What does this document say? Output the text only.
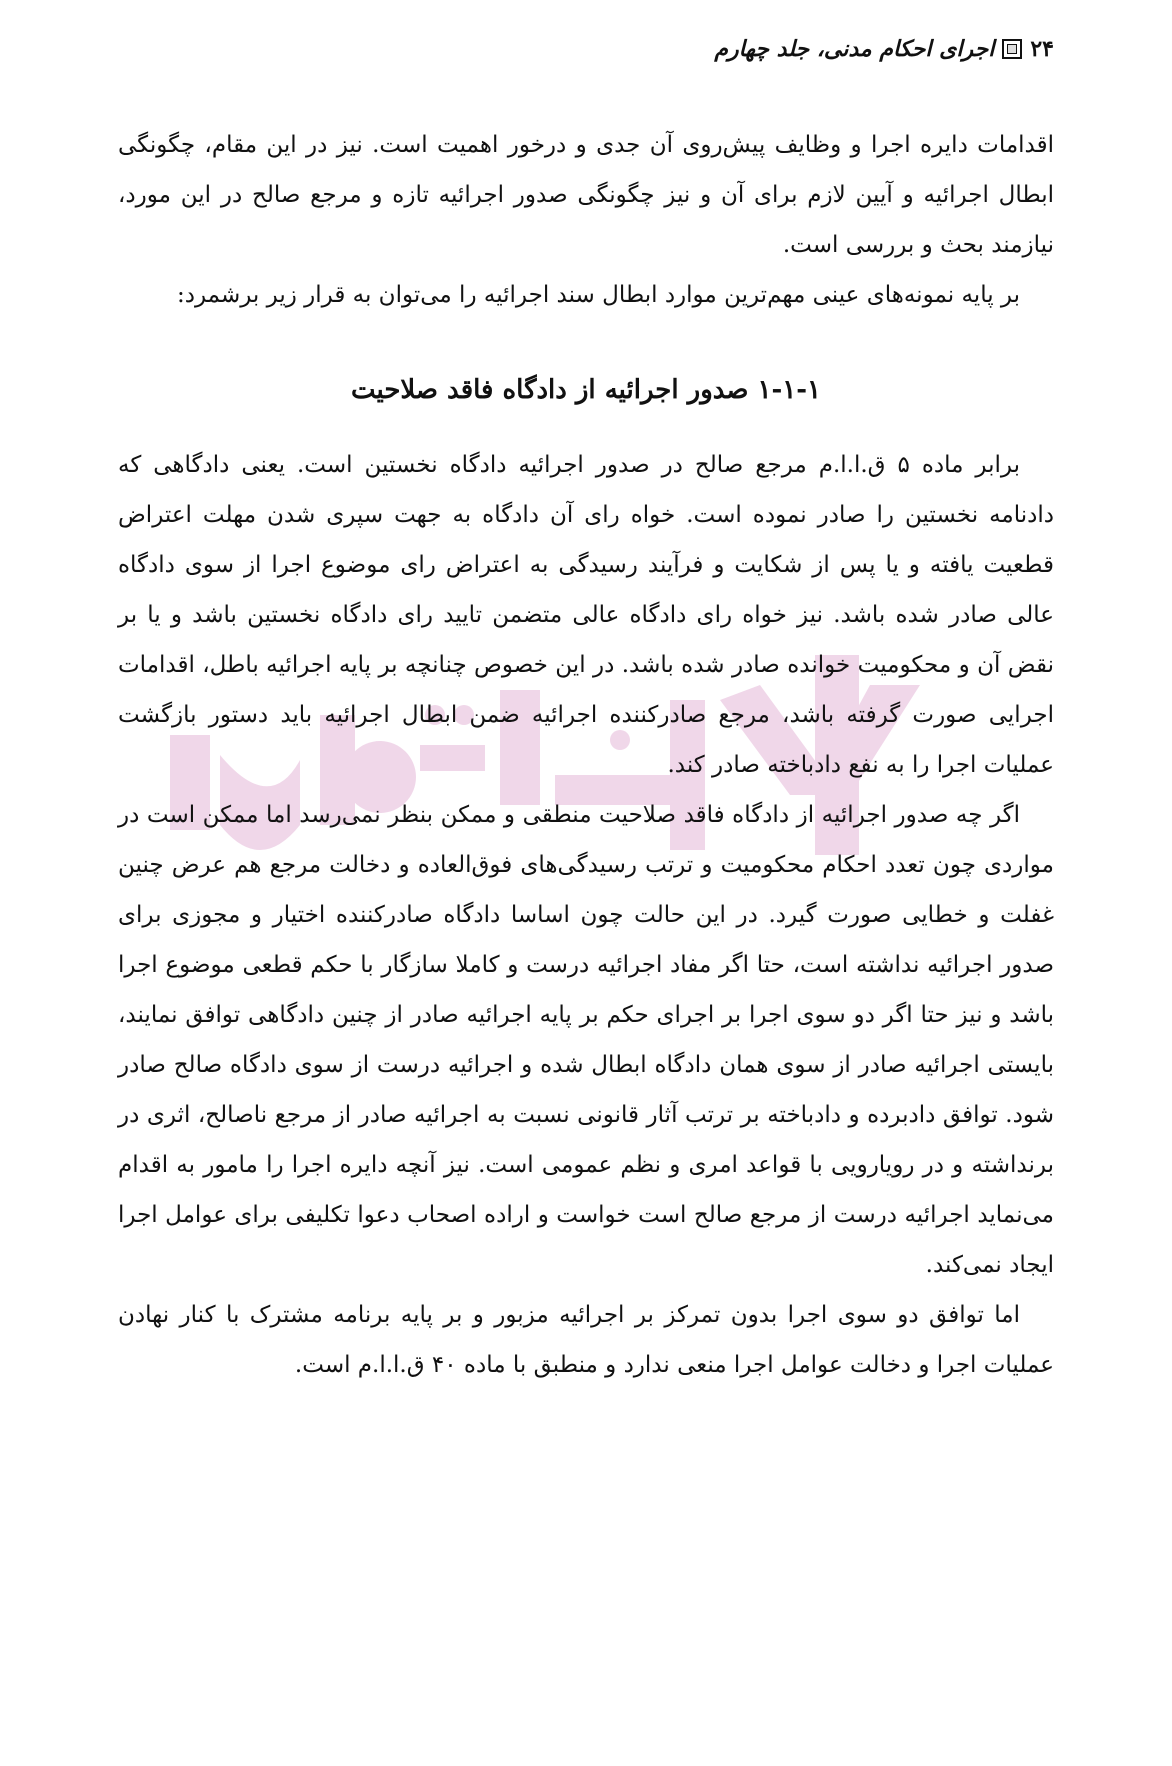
۲۴
اجرای احکام مدنی، جلد چهارم

اقدامات دایره اجرا و وظایف پیش‌روی آن جدی و درخور اهمیت است. نیز در این مقام، چگونگی ابطال اجرائیه و آیین لازم برای آن و نیز چگونگی صدور اجرائیه تازه و مرجع صالح در این مورد، نیازمند بحث و بررسی است.

بر پایه نمونه‌های عینی مهم‌ترین موارد ابطال سند اجرائیه را می‌توان به قرار زیر برشمرد:

۱-۱-۱ صدور اجرائیه از دادگاه فاقد صلاحیت

برابر ماده ۵ ق.ا.ا.م مرجع صالح در صدور اجرائیه دادگاه نخستین است. یعنی دادگاهی که دادنامه نخستین را صادر نموده است. خواه رای آن دادگاه به جهت سپری شدن مهلت اعتراض قطعیت یافته و یا پس از شکایت و فرآیند رسیدگی به اعتراض رای موضوع اجرا از سوی دادگاه عالی صادر شده باشد. نیز خواه رای دادگاه عالی متضمن تایید رای دادگاه نخستین باشد و یا بر نقض آن و محکومیت خوانده صادر شده باشد. در این خصوص چنانچه بر پایه اجرائیه باطل، اقدامات اجرایی صورت گرفته باشد، مرجع صادرکننده اجرائیه ضمن ابطال اجرائیه باید دستور بازگشت عملیات اجرا را به نفع دادباخته صادر کند.

اگر چه صدور اجرائیه از دادگاه فاقد صلاحیت منطقی و ممکن بنظر نمی‌رسد اما ممکن است در مواردی چون تعدد احکام محکومیت و ترتب رسیدگی‌های فوق‌العاده و دخالت مرجع هم عرض چنین غفلت و خطایی صورت گیرد. در این حالت چون اساسا دادگاه صادرکننده اختیار و مجوزی برای صدور اجرائیه نداشته است، حتا اگر مفاد اجرائیه درست و کاملا سازگار با حکم قطعی موضوع اجرا باشد و نیز حتا اگر دو سوی اجرا بر اجرای حکم بر پایه اجرائیه صادر از چنین دادگاهی توافق نمایند، بایستی اجرائیه صادر از سوی همان دادگاه ابطال شده و اجرائیه درست از سوی دادگاه صالح صادر شود. توافق دادبرده و دادباخته بر ترتب آثار قانونی نسبت به اجرائیه صادر از مرجع ناصالح، اثری در برنداشته و در رویارویی با قواعد امری و نظم عمومی است. نیز آنچه دایره اجرا را مامور به اقدام می‌نماید اجرائیه درست از مرجع صالح است خواست و اراده اصحاب دعوا تکلیفی برای عوامل اجرا ایجاد نمی‌کند.

اما توافق دو سوی اجرا بدون تمرکز بر اجرائیه مزبور و بر پایه برنامه مشترک با کنار نهادن عملیات اجرا و دخالت عوامل اجرا منعی ندارد و منطبق با ماده ۴۰ ق.ا.ا.م است.
